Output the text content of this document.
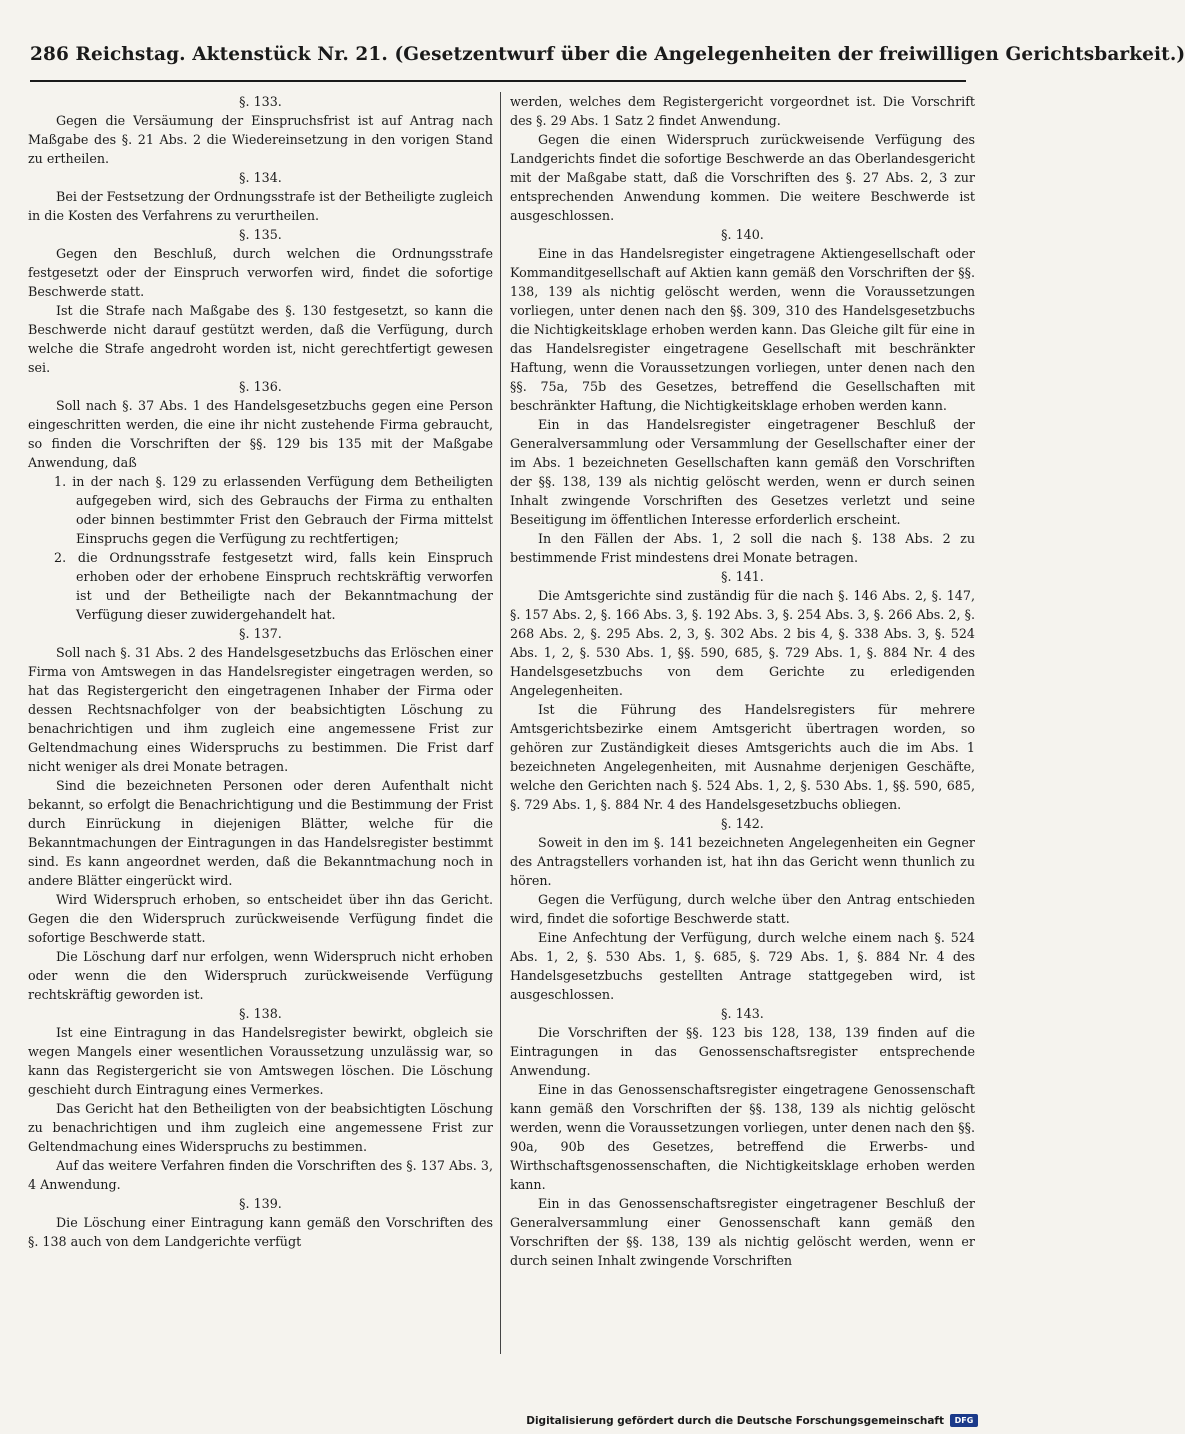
286 Reichstag. Aktenstück Nr. 21. (Gesetzentwurf über die Angelegenheiten der freiwilligen Gerichtsbarkeit.)
§. 133.
Gegen die Versäumung der Einspruchsfrist ist auf Antrag nach Maßgabe des §. 21 Abs. 2 die Wiedereinsetzung in den vorigen Stand zu ertheilen.
§. 134.
Bei der Festsetzung der Ordnungsstrafe ist der Betheiligte zugleich in die Kosten des Verfahrens zu verurtheilen.
§. 135.
Gegen den Beschluß, durch welchen die Ordnungsstrafe festgesetzt oder der Einspruch verworfen wird, findet die sofortige Beschwerde statt.
Ist die Strafe nach Maßgabe des §. 130 festgesetzt, so kann die Beschwerde nicht darauf gestützt werden, daß die Verfügung, durch welche die Strafe angedroht worden ist, nicht gerechtfertigt gewesen sei.
§. 136.
Soll nach §. 37 Abs. 1 des Handelsgesetzbuchs gegen eine Person eingeschritten werden, die eine ihr nicht zustehende Firma gebraucht, so finden die Vorschriften der §§. 129 bis 135 mit der Maßgabe Anwendung, daß
1. in der nach §. 129 zu erlassenden Verfügung dem Betheiligten aufgegeben wird, sich des Gebrauchs der Firma zu enthalten oder binnen bestimmter Frist den Gebrauch der Firma mittelst Einspruchs gegen die Verfügung zu rechtfertigen;
2. die Ordnungsstrafe festgesetzt wird, falls kein Einspruch erhoben oder der erhobene Einspruch rechtskräftig verworfen ist und der Betheiligte nach der Bekanntmachung der Verfügung dieser zuwidergehandelt hat.
§. 137.
Soll nach §. 31 Abs. 2 des Handelsgesetzbuchs das Erlöschen einer Firma von Amtswegen in das Handelsregister eingetragen werden, so hat das Registergericht den eingetragenen Inhaber der Firma oder dessen Rechtsnachfolger von der beabsichtigten Löschung zu benachrichtigen und ihm zugleich eine angemessene Frist zur Geltendmachung eines Widerspruchs zu bestimmen. Die Frist darf nicht weniger als drei Monate betragen.
Sind die bezeichneten Personen oder deren Aufenthalt nicht bekannt, so erfolgt die Benachrichtigung und die Bestimmung der Frist durch Einrückung in diejenigen Blätter, welche für die Bekanntmachungen der Eintragungen in das Handelsregister bestimmt sind. Es kann angeordnet werden, daß die Bekanntmachung noch in andere Blätter eingerückt wird.
Wird Widerspruch erhoben, so entscheidet über ihn das Gericht. Gegen die den Widerspruch zurückweisende Verfügung findet die sofortige Beschwerde statt.
Die Löschung darf nur erfolgen, wenn Widerspruch nicht erhoben oder wenn die den Widerspruch zurückweisende Verfügung rechtskräftig geworden ist.
§. 138.
Ist eine Eintragung in das Handelsregister bewirkt, obgleich sie wegen Mangels einer wesentlichen Voraussetzung unzulässig war, so kann das Registergericht sie von Amtswegen löschen. Die Löschung geschieht durch Eintragung eines Vermerkes.
Das Gericht hat den Betheiligten von der beabsichtigten Löschung zu benachrichtigen und ihm zugleich eine angemessene Frist zur Geltendmachung eines Widerspruchs zu bestimmen.
Auf das weitere Verfahren finden die Vorschriften des §. 137 Abs. 3, 4 Anwendung.
§. 139.
Die Löschung einer Eintragung kann gemäß den Vorschriften des §. 138 auch von dem Landgerichte verfügt
werden, welches dem Registergericht vorgeordnet ist. Die Vorschrift des §. 29 Abs. 1 Satz 2 findet Anwendung.
Gegen die einen Widerspruch zurückweisende Verfügung des Landgerichts findet die sofortige Beschwerde an das Oberlandesgericht mit der Maßgabe statt, daß die Vorschriften des §. 27 Abs. 2, 3 zur entsprechenden Anwendung kommen. Die weitere Beschwerde ist ausgeschlossen.
§. 140.
Eine in das Handelsregister eingetragene Aktiengesellschaft oder Kommanditgesellschaft auf Aktien kann gemäß den Vorschriften der §§. 138, 139 als nichtig gelöscht werden, wenn die Voraussetzungen vorliegen, unter denen nach den §§. 309, 310 des Handelsgesetzbuchs die Nichtigkeitsklage erhoben werden kann. Das Gleiche gilt für eine in das Handelsregister eingetragene Gesellschaft mit beschränkter Haftung, wenn die Voraussetzungen vorliegen, unter denen nach den §§. 75a, 75b des Gesetzes, betreffend die Gesellschaften mit beschränkter Haftung, die Nichtigkeitsklage erhoben werden kann.
Ein in das Handelsregister eingetragener Beschluß der Generalversammlung oder Versammlung der Gesellschafter einer der im Abs. 1 bezeichneten Gesellschaften kann gemäß den Vorschriften der §§. 138, 139 als nichtig gelöscht werden, wenn er durch seinen Inhalt zwingende Vorschriften des Gesetzes verletzt und seine Beseitigung im öffentlichen Interesse erforderlich erscheint.
In den Fällen der Abs. 1, 2 soll die nach §. 138 Abs. 2 zu bestimmende Frist mindestens drei Monate betragen.
§. 141.
Die Amtsgerichte sind zuständig für die nach §. 146 Abs. 2, §. 147, §. 157 Abs. 2, §. 166 Abs. 3, §. 192 Abs. 3, §. 254 Abs. 3, §. 266 Abs. 2, §. 268 Abs. 2, §. 295 Abs. 2, 3, §. 302 Abs. 2 bis 4, §. 338 Abs. 3, §. 524 Abs. 1, 2, §. 530 Abs. 1, §§. 590, 685, §. 729 Abs. 1, §. 884 Nr. 4 des Handelsgesetzbuchs von dem Gerichte zu erledigenden Angelegenheiten.
Ist die Führung des Handelsregisters für mehrere Amtsgerichtsbezirke einem Amtsgericht übertragen worden, so gehören zur Zuständigkeit dieses Amtsgerichts auch die im Abs. 1 bezeichneten Angelegenheiten, mit Ausnahme derjenigen Geschäfte, welche den Gerichten nach §. 524 Abs. 1, 2, §. 530 Abs. 1, §§. 590, 685, §. 729 Abs. 1, §. 884 Nr. 4 des Handelsgesetzbuchs obliegen.
§. 142.
Soweit in den im §. 141 bezeichneten Angelegenheiten ein Gegner des Antragstellers vorhanden ist, hat ihn das Gericht wenn thunlich zu hören.
Gegen die Verfügung, durch welche über den Antrag entschieden wird, findet die sofortige Beschwerde statt.
Eine Anfechtung der Verfügung, durch welche einem nach §. 524 Abs. 1, 2, §. 530 Abs. 1, §. 685, §. 729 Abs. 1, §. 884 Nr. 4 des Handelsgesetzbuchs gestellten Antrage stattgegeben wird, ist ausgeschlossen.
§. 143.
Die Vorschriften der §§. 123 bis 128, 138, 139 finden auf die Eintragungen in das Genossenschaftsregister entsprechende Anwendung.
Eine in das Genossenschaftsregister eingetragene Genossenschaft kann gemäß den Vorschriften der §§. 138, 139 als nichtig gelöscht werden, wenn die Voraussetzungen vorliegen, unter denen nach den §§. 90a, 90b des Gesetzes, betreffend die Erwerbs- und Wirthschaftsgenossenschaften, die Nichtigkeitsklage erhoben werden kann.
Ein in das Genossenschaftsregister eingetragener Beschluß der Generalversammlung einer Genossenschaft kann gemäß den Vorschriften der §§. 138, 139 als nichtig gelöscht werden, wenn er durch seinen Inhalt zwingende Vorschriften
Digitalisierung gefördert durch die Deutsche Forschungsgemeinschaft	DFG
